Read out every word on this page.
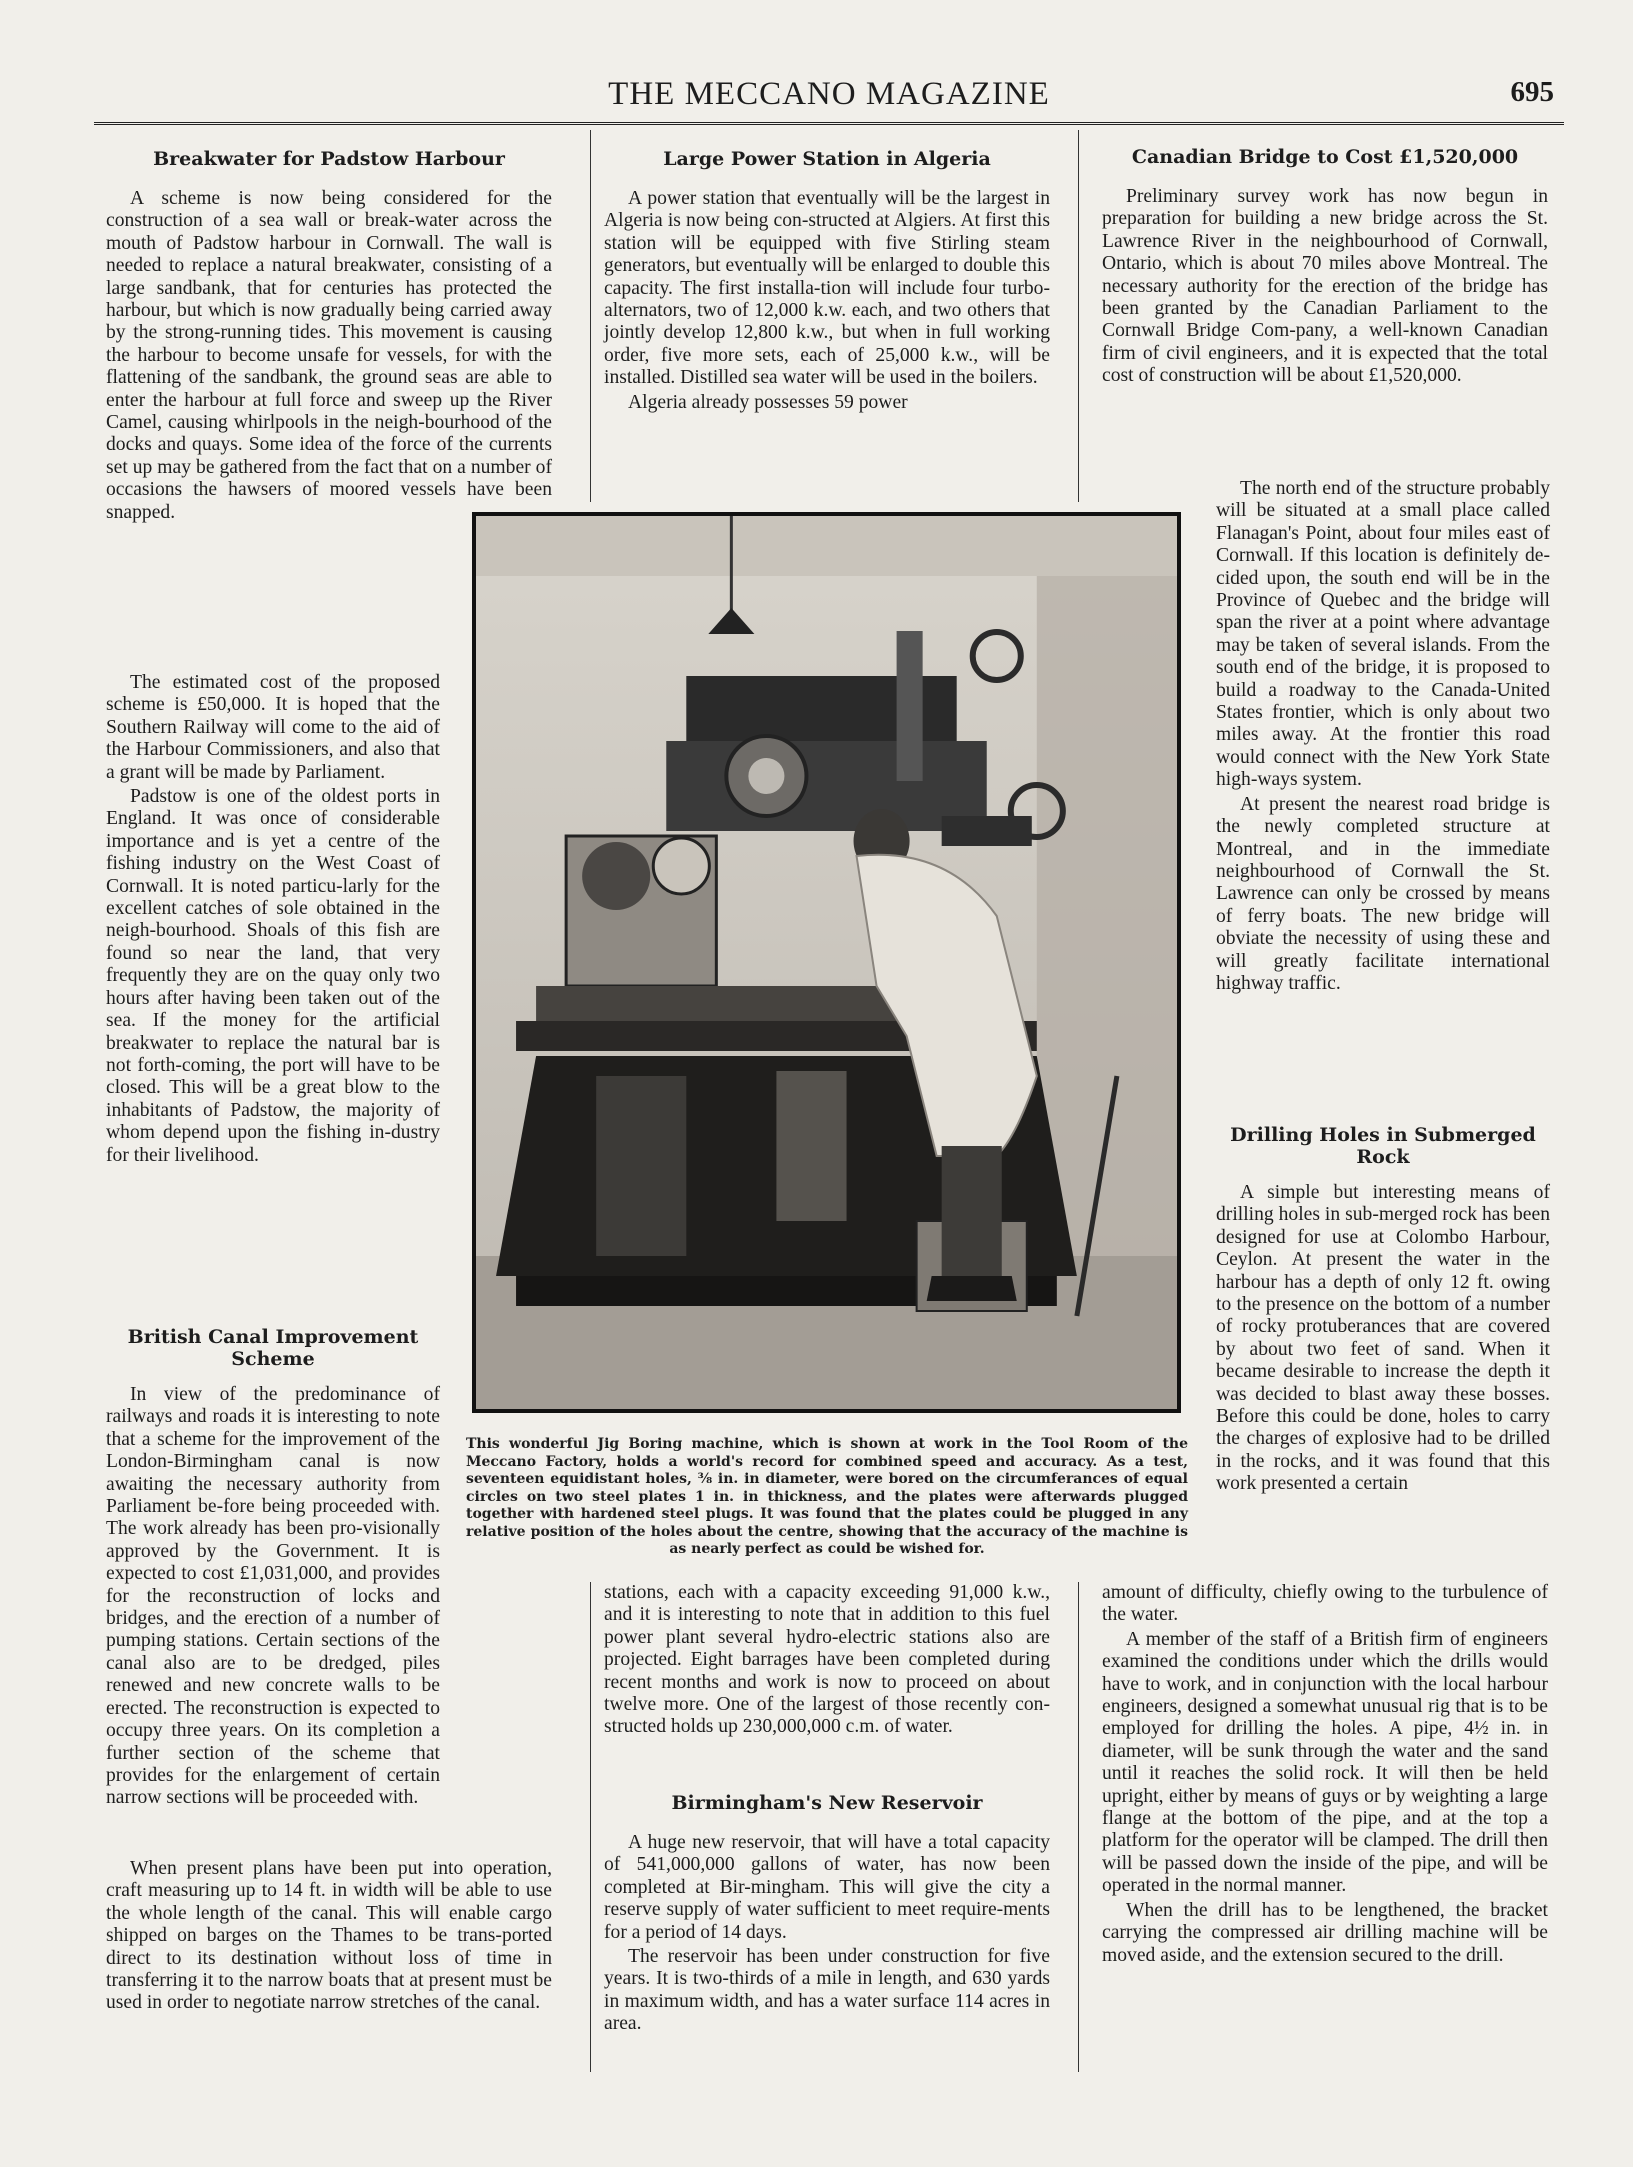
THE MECCANO MAGAZINE	695
Breakwater for Padstow Harbour

A scheme is now being considered for the construction of a sea wall or break-water across the mouth of Padstow harbour in Cornwall. The wall is needed to replace a natural breakwater, consisting of a large sandbank, that for centuries has protected the harbour, but which is now gradually being carried away by the strong-running tides. This movement is causing the harbour to become unsafe for vessels, for with the flattening of the sandbank, the ground seas are able to enter the harbour at full force and sweep up the River Camel, causing whirlpools in the neigh-bourhood of the docks and quays. Some idea of the force of the currents set up may be gathered from the fact that on a number of occasions the hawsers of moored vessels have been snapped.

The estimated cost of the proposed scheme is £50,000. It is hoped that the Southern Railway will come to the aid of the Harbour Commissioners, and also that a grant will be made by Parliament.

Padstow is one of the oldest ports in England. It was once of considerable importance and is yet a centre of the fishing industry on the West Coast of Cornwall. It is noted particu-larly for the excellent catches of sole obtained in the neigh-bourhood. Shoals of this fish are found so near the land, that very frequently they are on the quay only two hours after having been taken out of the sea. If the money for the artificial breakwater to replace the natural bar is not forth-coming, the port will have to be closed. This will be a great blow to the inhabitants of Padstow, the majority of whom depend upon the fishing in-dustry for their livelihood.

British Canal Improvement Scheme

In view of the predominance of railways and roads it is interesting to note that a scheme for the improvement of the London-Birmingham canal is now awaiting the necessary authority from Parliament be-fore being proceeded with. The work already has been pro-visionally approved by the Government. It is expected to cost £1,031,000, and provides for the reconstruction of locks and bridges, and the erection of a number of pumping stations. Certain sections of the canal also are to be dredged, piles renewed and new concrete walls to be erected. The reconstruction is expected to occupy three years. On its completion a further section of the scheme that provides for the enlargement of certain narrow sections will be proceeded with.

When present plans have been put into operation, craft measuring up to 14 ft. in width will be able to use the whole length of the canal. This will enable cargo shipped on barges on the Thames to be trans-ported direct to its destination without loss of time in transferring it to the narrow boats that at present must be used in order to negotiate narrow stretches of the canal.

Large Power Station in Algeria

A power station that eventually will be the largest in Algeria is now being con-structed at Algiers. At first this station will be equipped with five Stirling steam generators, but eventually will be enlarged to double this capacity. The first installa-tion will include four turbo-alternators, two of 12,000 k.w. each, and two others that jointly develop 12,800 k.w., but when in full working order, five more sets, each of 25,000 k.w., will be installed. Distilled sea water will be used in the boilers.

Algeria already possesses 59 power

This wonderful Jig Boring machine, which is shown at work in the Tool Room of the Meccano Factory, holds a world's record for combined speed and accuracy. As a test, seventeen equidistant holes, ⅜ in. in diameter, were bored on the circumferances of equal circles on two steel plates 1 in. in thickness, and the plates were afterwards plugged together with hardened steel plugs. It was found that the plates could be plugged in any relative position of the holes about the centre, showing that the accuracy of the machine is as nearly perfect as could be wished for.

stations, each with a capacity exceeding 91,000 k.w., and it is interesting to note that in addition to this fuel power plant several hydro-electric stations also are projected. Eight barrages have been completed during recent months and work is now to proceed on about twelve more. One of the largest of those recently con-structed holds up 230,000,000 c.m. of water.

Birmingham's New Reservoir

A huge new reservoir, that will have a total capacity of 541,000,000 gallons of water, has now been completed at Bir-mingham. This will give the city a reserve supply of water sufficient to meet require-ments for a period of 14 days.

The reservoir has been under construction for five years. It is two-thirds of a mile in length, and 630 yards in maximum width, and has a water surface 114 acres in area.

Canadian Bridge to Cost £1,520,000

Preliminary survey work has now begun in preparation for building a new bridge across the St. Lawrence River in the neighbourhood of Cornwall, Ontario, which is about 70 miles above Montreal. The necessary authority for the erection of the bridge has been granted by the Canadian Parliament to the Cornwall Bridge Com-pany, a well-known Canadian firm of civil engineers, and it is expected that the total cost of construction will be about £1,520,000.

The north end of the structure probably will be situated at a small place called Flanagan's Point, about four miles east of Cornwall. If this location is definitely de-cided upon, the south end will be in the Province of Quebec and the bridge will span the river at a point where advantage may be taken of several islands. From the south end of the bridge, it is proposed to build a roadway to the Canada-United States frontier, which is only about two miles away. At the frontier this road would connect with the New York State high-ways system.

At present the nearest road bridge is the newly completed structure at Montreal, and in the immediate neighbourhood of Cornwall the St. Lawrence can only be crossed by means of ferry boats. The new bridge will obviate the necessity of using these and will greatly facilitate international highway traffic.

Drilling Holes in Submerged Rock

A simple but interesting means of drilling holes in sub-merged rock has been designed for use at Colombo Harbour, Ceylon. At present the water in the harbour has a depth of only 12 ft. owing to the presence on the bottom of a number of rocky protuberances that are covered by about two feet of sand. When it became desirable to increase the depth it was decided to blast away these bosses. Before this could be done, holes to carry the charges of explosive had to be drilled in the rocks, and it was found that this work presented a certain

amount of difficulty, chiefly owing to the turbulence of the water.

A member of the staff of a British firm of engineers examined the conditions under which the drills would have to work, and in conjunction with the local harbour engineers, designed a somewhat unusual rig that is to be employed for drilling the holes. A pipe, 4½ in. in diameter, will be sunk through the water and the sand until it reaches the solid rock. It will then be held upright, either by means of guys or by weighting a large flange at the bottom of the pipe, and at the top a platform for the operator will be clamped. The drill then will be passed down the inside of the pipe, and will be operated in the normal manner.

When the drill has to be lengthened, the bracket carrying the compressed air drilling machine will be moved aside, and the extension secured to the drill.
